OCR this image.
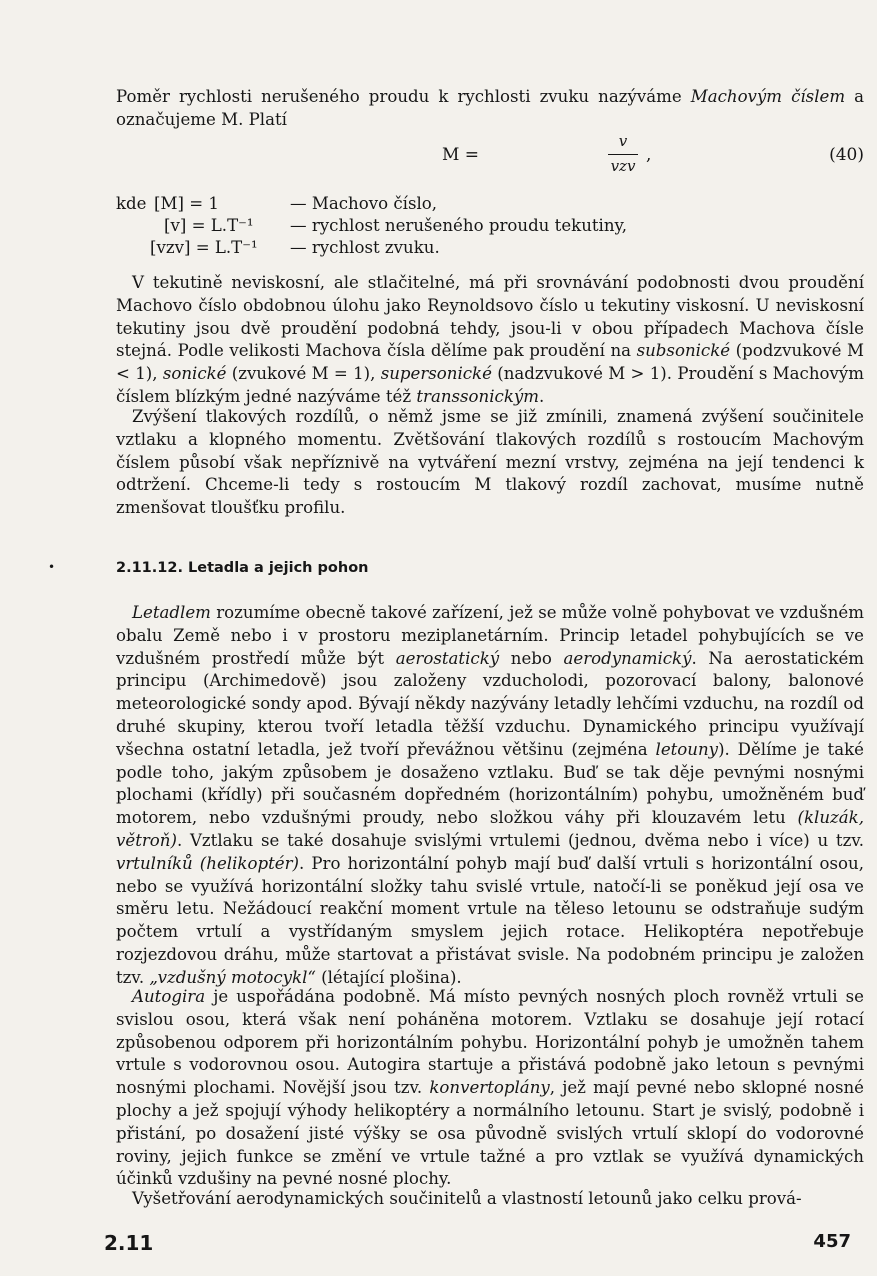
Poměr rychlosti nerušeného proudu k rychlosti zvuku nazýváme Machovým číslem a označujeme M. Platí

M =
v
vzv
,	(40)
kde [M] = 1	— Machovo číslo,
[v] = L.T⁻¹ — rychlost nerušeného proudu tekutiny,
[vzv] = L.T⁻¹ — rychlost zvuku.

V tekutině neviskosní, ale stlačitelné, má při srovnávání podobnosti dvou proudění Machovo číslo obdobnou úlohu jako Reynoldsovo číslo u tekutiny viskosní. U neviskosní tekutiny jsou dvě proudění podobná tehdy, jsou-li v obou případech Machova čísle stejná. Podle velikosti Machova čísla dělíme pak proudění na subsonické (podzvukové M < 1), sonické (zvukové M = 1), supersonické (nadzvukové M > 1). Proudění s Machovým číslem blízkým jedné nazýváme též transsonickým.

Zvýšení tlakových rozdílů, o němž jsme se již zmínili, znamená zvýšení součinitele vztlaku a klopného momentu. Zvětšování tlakových rozdílů s rostoucím Machovým číslem působí však nepříznivě na vytváření mezní vrstvy, zejména na její tendenci k odtržení. Chceme-li tedy s rostoucím M tlakový rozdíl zachovat, musíme nutně zmenšovat tloušťku profilu.

•	2.11.12. Letadla a jejich pohon

Letadlem rozumíme obecně takové zařízení, jež se může volně pohybovat ve vzdušném obalu Země nebo i v prostoru meziplanetárním. Princip letadel pohybujících se ve vzdušném prostředí může být aerostatický nebo aerodynamický. Na aerostatickém principu (Archimedově) jsou založeny vzducholodi, pozorovací balony, balonové meteorologické sondy apod. Bývají někdy nazývány letadly lehčími vzduchu, na rozdíl od druhé skupiny, kterou tvoří letadla těžší vzduchu. Dynamického principu využívají všechna ostatní letadla, jež tvoří převážnou většinu (zejména letouny). Dělíme je také podle toho, jakým způsobem je dosaženo vztlaku. Buď se tak děje pevnými nosnými plochami (křídly) při současném dopředném (horizontálním) pohybu, umožněném buď motorem, nebo vzdušnými proudy, nebo složkou váhy při klouzavém letu (kluzák, větroň). Vztlaku se také dosahuje svislými vrtulemi (jednou, dvěma nebo i více) u tzv. vrtulníků (helikoptér). Pro horizontální pohyb mají buď další vrtuli s horizontální osou, nebo se využívá horizontální složky tahu svislé vrtule, natočí-li se poněkud její osa ve směru letu. Nežádoucí reakční moment vrtule na těleso letounu se odstraňuje sudým počtem vrtulí a vystřídaným smyslem jejich rotace. Helikoptéra nepotřebuje rozjezdovou dráhu, může startovat a přistávat svisle. Na podobném principu je založen tzv. „vzdušný motocykl“ (létající plošina).

Autogira je uspořádána podobně. Má místo pevných nosných ploch rovněž vrtuli se svislou osou, která však není poháněna motorem. Vztlaku se dosahuje její rotací způsobenou odporem při horizontálním pohybu. Horizontální pohyb je umožněn tahem vrtule s vodorovnou osou. Autogira startuje a přistává podobně jako letoun s pevnými nosnými plochami. Novější jsou tzv. konvertoplány, jež mají pevné nebo sklopné nosné plochy a jež spojují výhody helikoptéry a normálního letounu. Start je svislý, podobně i přistání, po dosažení jisté výšky se osa původně svislých vrtulí sklopí do vodorovné roviny, jejich funkce se změní ve vrtule tažné a pro vztlak se využívá dynamických účinků vzdušiny na pevné nosné plochy.

Vyšetřování aerodynamických součinitelů a vlastností letounů jako celku prová-

2.11	457
